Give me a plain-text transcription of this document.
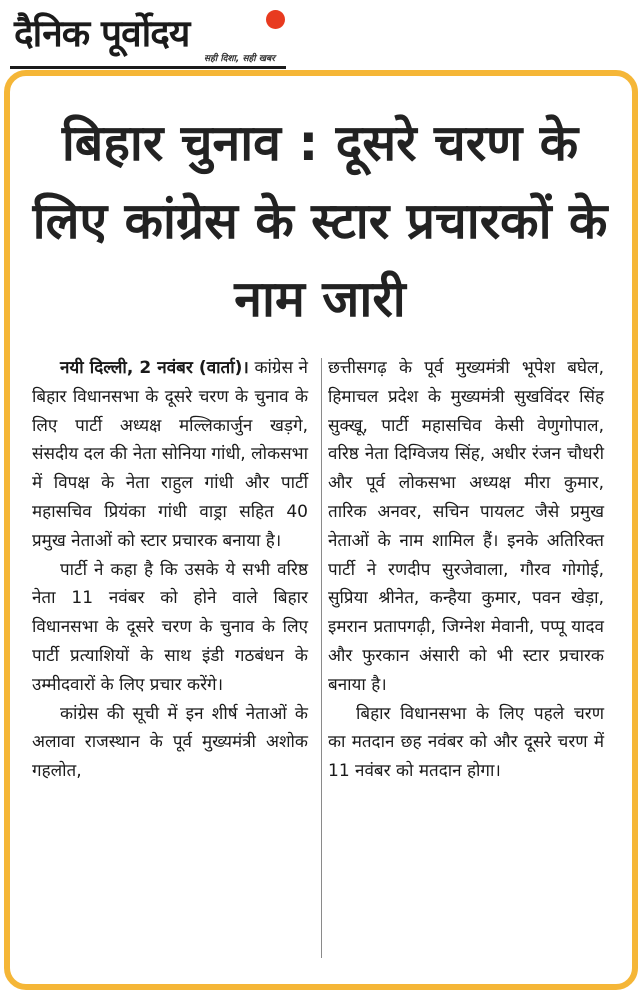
दैनिक पूर्वोदय
सही दिशा, सही खबर
बिहार चुनाव : दूसरे चरण के लिए कांग्रेस के स्टार प्रचारकों के नाम जारी

नयी दिल्ली, 2 नवंबर (वार्ता)। कांग्रेस ने बिहार विधानसभा के दूसरे चरण के चुनाव के लिए पार्टी अध्यक्ष मल्लिकार्जुन खड़गे, संसदीय दल की नेता सोनिया गांधी, लोकसभा में विपक्ष के नेता राहुल गांधी और पार्टी महासचिव प्रियंका गांधी वाड्रा सहित 40 प्रमुख नेताओं को स्टार प्रचारक बनाया है।

पार्टी ने कहा है कि उसके ये सभी वरिष्ठ नेता 11 नवंबर को होने वाले बिहार विधानसभा के दूसरे चरण के चुनाव के लिए पार्टी प्रत्याशियों के साथ इंडी गठबंधन के उम्मीदवारों के लिए प्रचार करेंगे।

कांग्रेस की सूची में इन शीर्ष नेताओं के अलावा राजस्थान के पूर्व मुख्यमंत्री अशोक गहलोत,

छत्तीसगढ़ के पूर्व मुख्यमंत्री भूपेश बघेल, हिमाचल प्रदेश के मुख्यमंत्री सुखविंदर सिंह सुक्खू, पार्टी महासचिव केसी वेणुगोपाल, वरिष्ठ नेता दिग्विजय सिंह, अधीर रंजन चौधरी और पूर्व लोकसभा अध्यक्ष मीरा कुमार, तारिक अनवर, सचिन पायलट जैसे प्रमुख नेताओं के नाम शामिल हैं। इनके अतिरिक्त पार्टी ने रणदीप सुरजेवाला, गौरव गोगोई, सुप्रिया श्रीनेत, कन्हैया कुमार, पवन खेड़ा, इमरान प्रतापगढ़ी, जिग्नेश मेवानी, पप्पू यादव और फुरकान अंसारी को भी स्टार प्रचारक बनाया है।

बिहार विधानसभा के लिए पहले चरण का मतदान छह नवंबर को और दूसरे चरण में 11 नवंबर को मतदान होगा।
